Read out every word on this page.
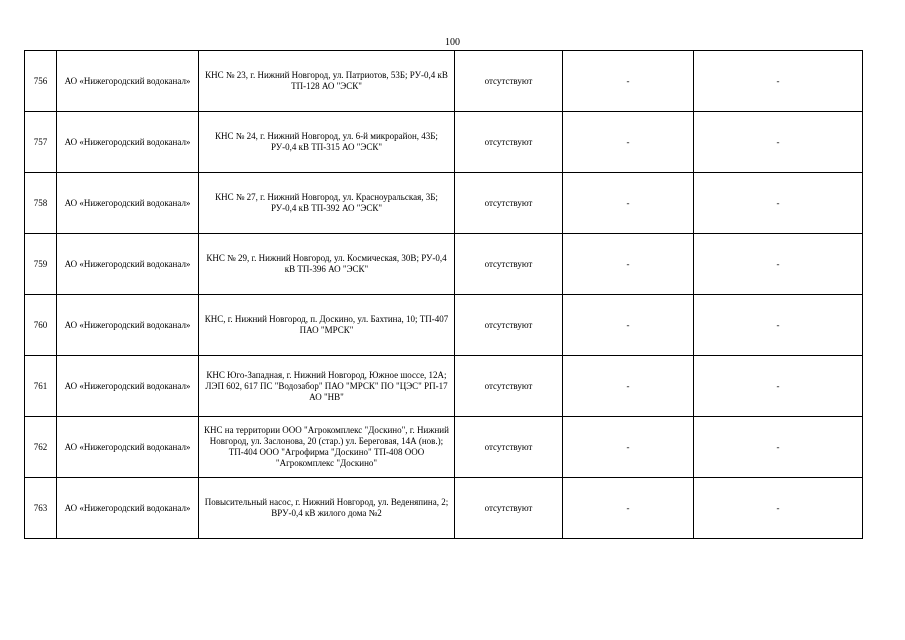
100
756	АО «Нижегородский водоканал»	КНС № 23, г. Нижний Новгород, ул. Патриотов, 53Б; РУ-0,4 кВ ТП-128 АО "ЭСК"	отсутствуют	-	-
757	АО «Нижегородский водоканал»	КНС № 24, г. Нижний Новгород, ул. 6-й микрорайон, 43Б; РУ-0,4 кВ ТП-315 АО "ЭСК"	отсутствуют	-	-
758	АО «Нижегородский водоканал»	КНС № 27, г. Нижний Новгород, ул. Красноуральская, 3Б; РУ-0,4 кВ ТП-392 АО "ЭСК"	отсутствуют	-	-
759	АО «Нижегородский водоканал»	КНС № 29, г. Нижний Новгород, ул. Космическая, 30В; РУ-0,4 кВ ТП-396 АО "ЭСК"	отсутствуют	-	-
760	АО «Нижегородский водоканал»	КНС, г. Нижний Новгород, п. Доскино, ул. Бахтина, 10; ТП-407 ПАО "МРСК"	отсутствуют	-	-
761	АО «Нижегородский водоканал»	КНС Юго-Западная, г. Нижний Новгород, Южное шоссе, 12А; ЛЭП 602, 617 ПС "Водозабор" ПАО "МРСК" ПО "ЦЭС" РП-17 АО "НВ"	отсутствуют	-	-
762	АО «Нижегородский водоканал»	КНС на территории ООО "Агрокомплекс "Доскино", г. Нижний Новгород, ул. Заслонова, 20 (стар.) ул. Береговая, 14А (нов.); ТП-404 ООО "Агрофирма "Доскино" ТП-408 ООО "Агрокомплекс "Доскино"	отсутствуют	-	-
763	АО «Нижегородский водоканал»	Повысительный насос, г. Нижний Новгород, ул. Веденяпина, 2; ВРУ-0,4 кВ жилого дома №2	отсутствуют	-	-
